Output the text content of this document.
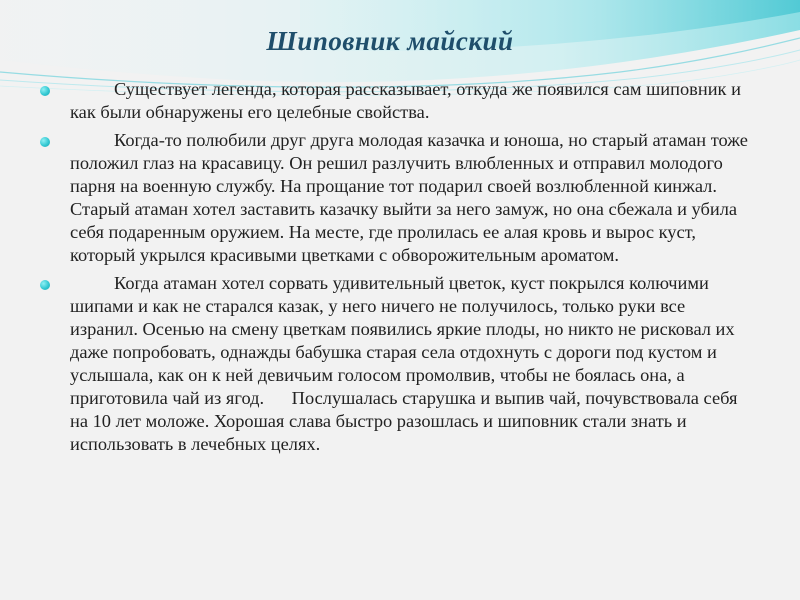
Шиповник майский
Существует легенда, которая рассказывает, откуда же появился сам шиповник и как были обнаружены его целебные свойства.
Когда-то полюбили друг друга молодая казачка и юноша, но старый атаман тоже положил глаз на красавицу. Он решил разлучить влюбленных и отправил молодого парня на военную службу. На прощание тот подарил своей возлюбленной кинжал. Старый атаман хотел заставить казачку выйти за него замуж, но она сбежала и убила себя подаренным оружием. На месте, где пролилась ее алая кровь и вырос куст, который укрылся красивыми цветками с обворожительным ароматом.
Когда атаман хотел сорвать удивительный цветок, куст покрылся колючими шипами и как не старался казак, у него ничего не получилось, только руки все изранил. Осенью на смену цветкам появились яркие плоды, но никто не рисковал их даже попробовать, однажды бабушка старая села отдохнуть с дороги под кустом и услышала, как он к ней девичьим голосом промолвив, чтобы не боялась она, а приготовила чай из ягод.      Послушалась старушка и выпив чай, почувствовала себя на 10 лет моложе. Хорошая слава быстро разошлась и шиповник стали знать и использовать в лечебных целях.
